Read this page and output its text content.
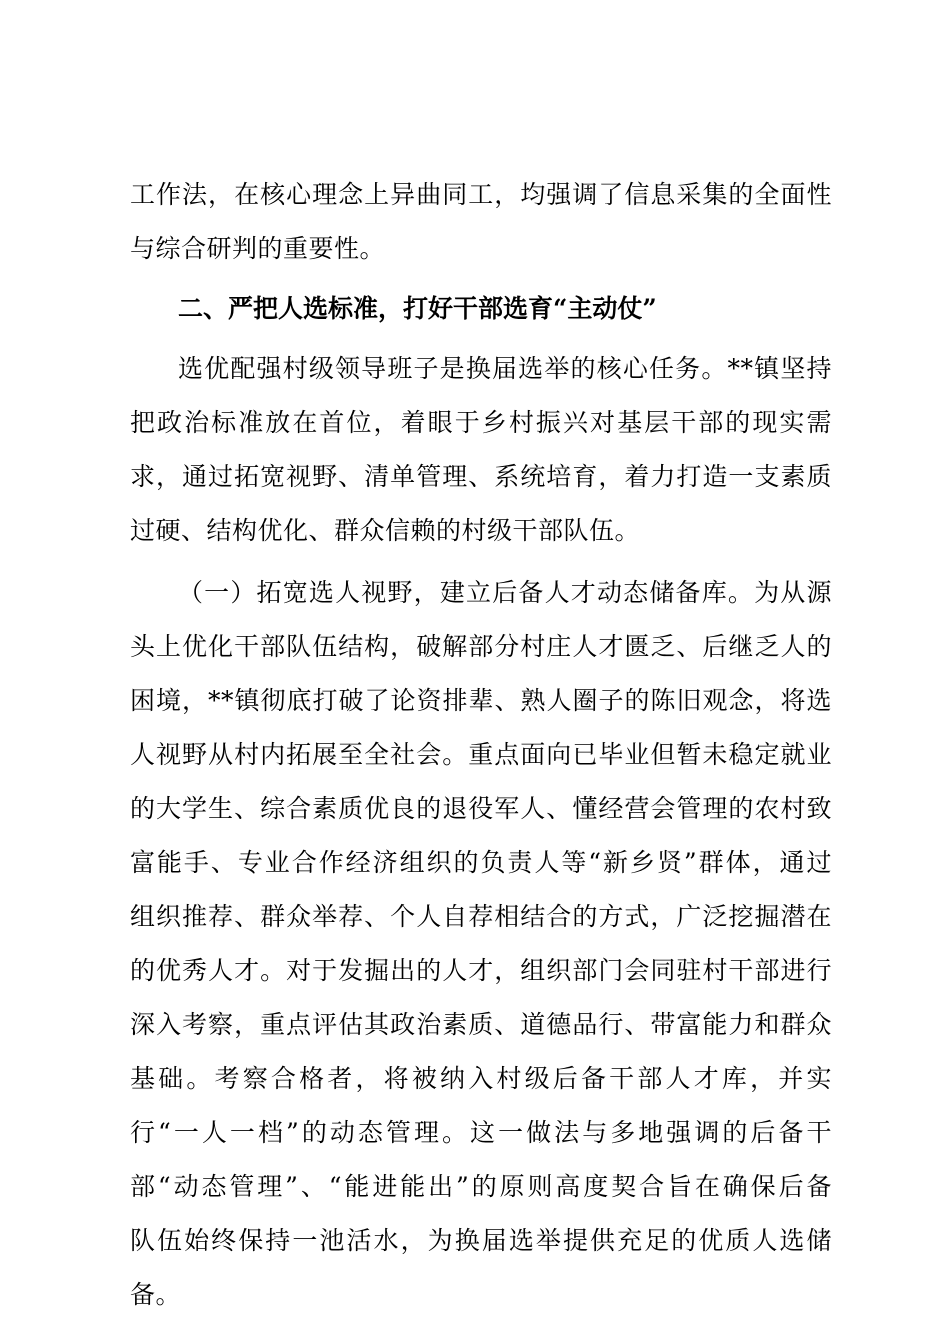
工作法，在核心理念上异曲同工，均强调了信息采集的全面性
与综合研判的重要性。
二、严把人选标准，打好干部选育“主动仗”
选优配强村级领导班子是换届选举的核心任务。**镇坚持
把政治标准放在首位，着眼于乡村振兴对基层干部的现实需
求，通过拓宽视野、清单管理、系统培育，着力打造一支素质
过硬、结构优化、群众信赖的村级干部队伍。
（一）拓宽选人视野，建立后备人才动态储备库。为从源
头上优化干部队伍结构，破解部分村庄人才匮乏、后继乏人的
困境，**镇彻底打破了论资排辈、熟人圈子的陈旧观念，将选
人视野从村内拓展至全社会。重点面向已毕业但暂未稳定就业
的大学生、综合素质优良的退役军人、懂经营会管理的农村致
富能手、专业合作经济组织的负责人等“新乡贤”群体，通过
组织推荐、群众举荐、个人自荐相结合的方式，广泛挖掘潜在
的优秀人才。对于发掘出的人才，组织部门会同驻村干部进行
深入考察，重点评估其政治素质、道德品行、带富能力和群众
基础。考察合格者，将被纳入村级后备干部人才库，并实
行“一人一档”的动态管理。这一做法与多地强调的后备干
部“动态管理”、“能进能出”的原则高度契合旨在确保后备
队伍始终保持一池活水，为换届选举提供充足的优质人选储
备。
